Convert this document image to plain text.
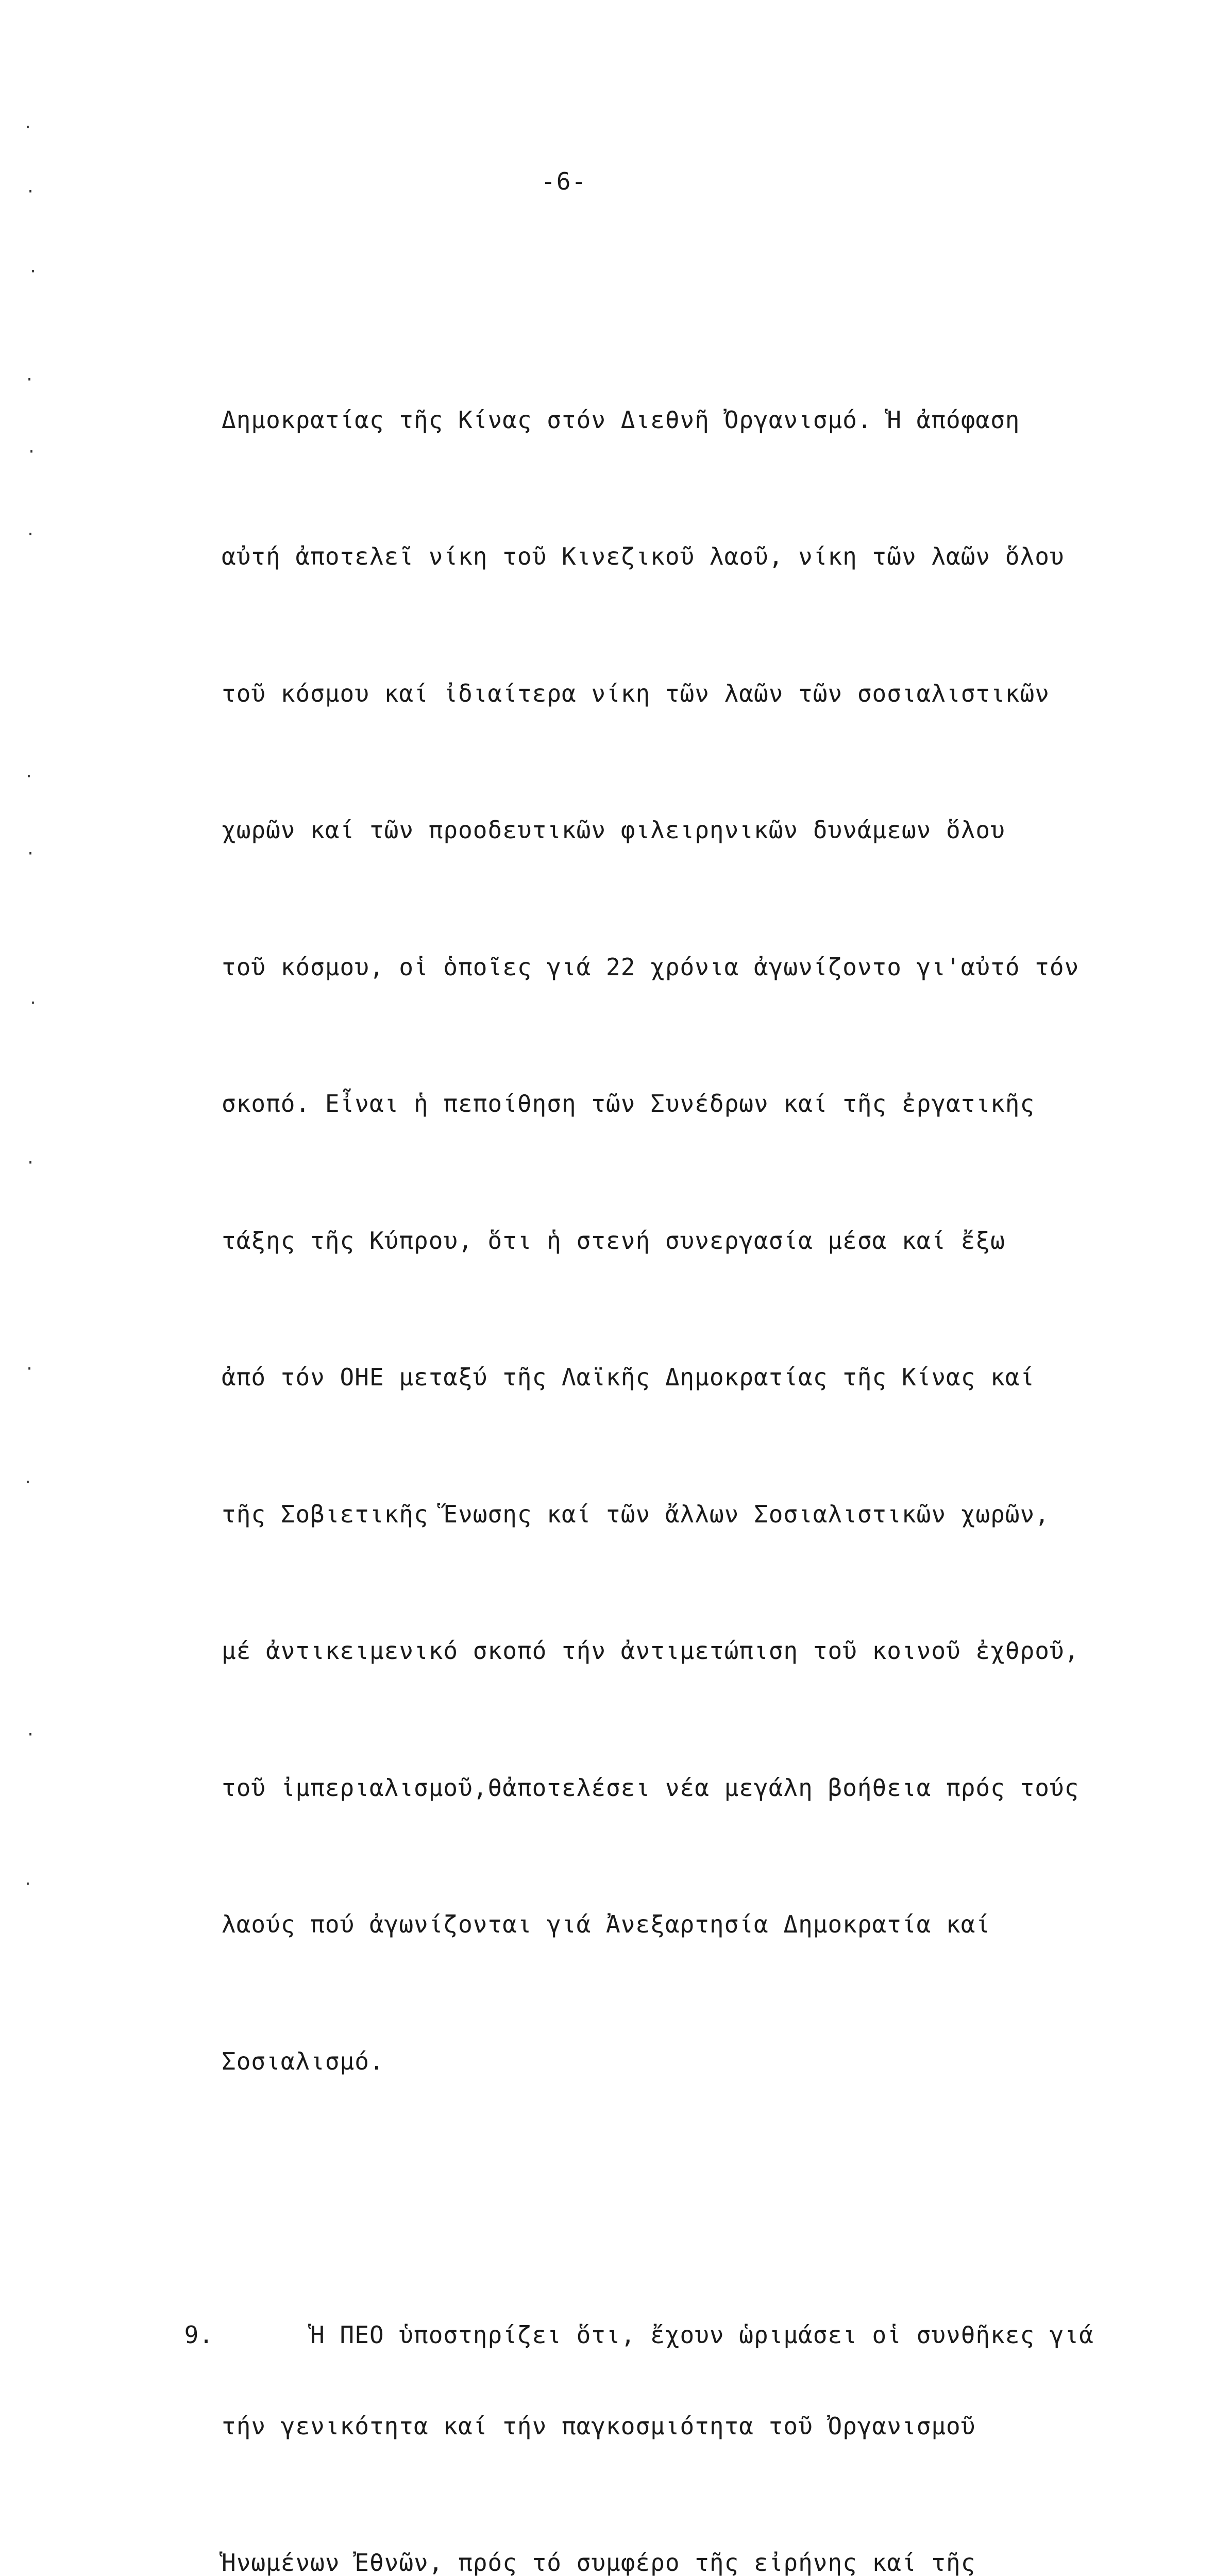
-6-

Δημοκρατίας τῆς Κίνας στόν Διεθνῆ Ὀργανισμό. Ἡ ἀπόφαση

αὐτή ἀποτελεῖ νίκη τοῦ Κινεζικοῦ λαοῦ, νίκη τῶν λαῶν ὅλου

τοῦ κόσμου καί ἰδιαίτερα νίκη τῶν λαῶν τῶν σοσιαλιστικῶν

χωρῶν καί τῶν προοδευτικῶν φιλειρηνικῶν δυνάμεων ὅλου

τοῦ κόσμου, οἱ ὁποῖες γιά 22 χρόνια ἀγωνίζοντο γι'αὐτό τόν

σκοπό. Εἶναι ἡ πεποίθηση τῶν Συνέδρων καί τῆς ἐργατικῆς

τάξης τῆς Κύπρου, ὅτι ἡ στενή συνεργασία μέσα καί ἔξω

ἀπό τόν ΟΗΕ μεταξύ τῆς Λαϊκῆς Δημοκρατίας τῆς Κίνας καί

τῆς Σοβιετικῆς Ἕνωσης καί τῶν ἄλλων Σοσιαλιστικῶν χωρῶν,

μέ ἀντικειμενικό σκοπό τήν ἀντιμετώπιση τοῦ κοινοῦ ἐχθροῦ,

τοῦ ἰμπεριαλισμοῦ,θἀποτελέσει νέα μεγάλη βοήθεια πρός τούς

λαούς πού ἀγωνίζονται γιά Ἀνεξαρτησία Δημοκρατία καί

Σοσιαλισμό.

9.	Ἡ ΠΕΟ ὑποστηρίζει ὅτι, ἔχουν ὡριμάσει οἱ συνθῆκες γιά

τήν γενικότητα καί τήν παγκοσμιότητα τοῦ Ὀργανισμοῦ

Ἡνωμένων Ἐθνῶν, πρός τό συμφέρο τῆς εἰρήνης καί τῆς

·
·
·
·
·
·
·
·
·
·
·
·
·
·
